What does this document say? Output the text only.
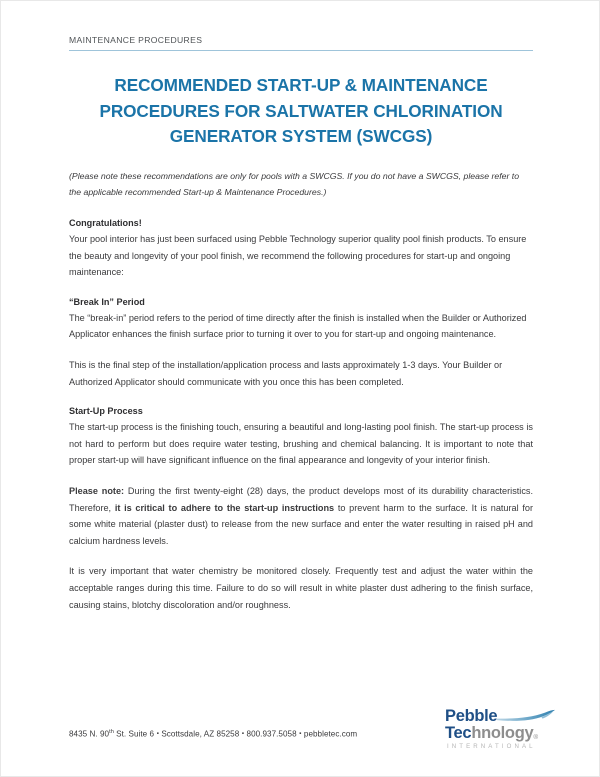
MAINTENANCE PROCEDURES
RECOMMENDED START-UP & MAINTENANCE
PROCEDURES FOR SALTWATER CHLORINATION
GENERATOR SYSTEM (SWCGS)

(Please note these recommendations are only for pools with a SWCGS. If you do not have a SWCGS, please refer to the applicable recommended Start-up & Maintenance Procedures.)

Congratulations!

Your pool interior has just been surfaced using Pebble Technology superior quality pool finish products. To ensure the beauty and longevity of your pool finish, we recommend the following procedures for start-up and ongoing maintenance:

“Break In” Period

The “break-in” period refers to the period of time directly after the finish is installed when the Builder or Authorized Applicator enhances the finish surface prior to turning it over to you for start-up and ongoing maintenance.

This is the final step of the installation/application process and lasts approximately 1-3 days. Your Builder or Authorized Applicator should communicate with you once this has been completed.

Start-Up Process

The start-up process is the finishing touch, ensuring a beautiful and long-lasting pool finish. The start-up process is not hard to perform but does require water testing, brushing and chemical balancing. It is important to note that proper start-up will have significant influence on the final appearance and longevity of your interior finish.

Please note: During the first twenty-eight (28) days, the product develops most of its durability characteristics. Therefore, it is critical to adhere to the start-up instructions to prevent harm to the surface. It is natural for some white material (plaster dust) to release from the new surface and enter the water resulting in raised pH and calcium hardness levels.

It is very important that water chemistry be monitored closely. Frequently test and adjust the water within the acceptable ranges during this time. Failure to do so will result in white plaster dust adhering to the finish surface, causing stains, blotchy discoloration and/or roughness.

8435 N. 90th St. Suite 6 ▪ Scottsdale, AZ 85258 ▪ 800.937.5058 ▪ pebbletec.com
Pebble
Technology®
INTERNATIONAL
